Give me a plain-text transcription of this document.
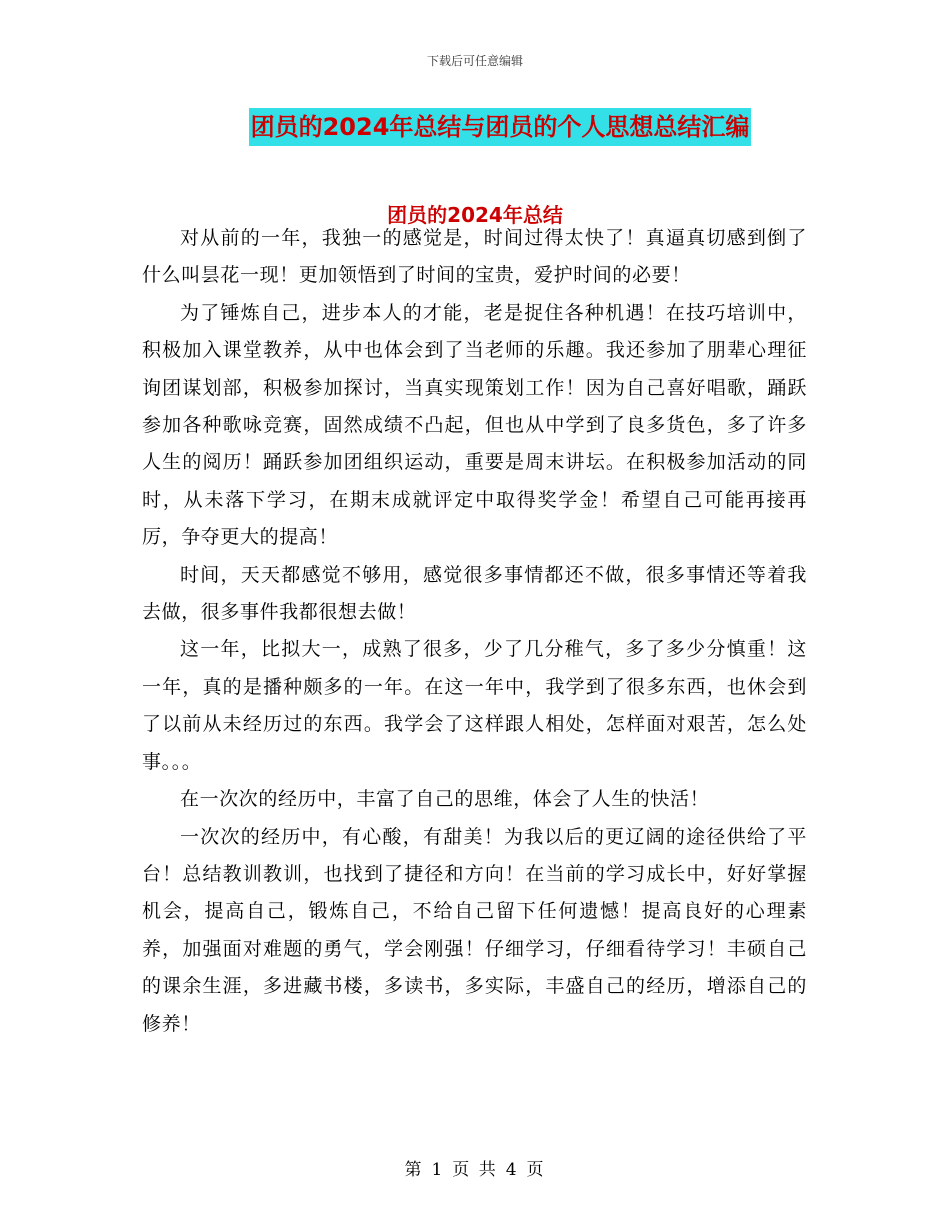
下载后可任意编辑
团员的2024年总结与团员的个人思想总结汇编
团员的2024年总结

对从前的一年，我独一的感觉是，时间过得太快了！真逼真切感到倒了什么叫昙花一现！更加领悟到了时间的宝贵，爱护时间的必要！

为了锤炼自己，进步本人的才能，老是捉住各种机遇！在技巧培训中，积极加入课堂教养，从中也体会到了当老师的乐趣。我还参加了朋辈心理征询团谋划部，积极参加探讨，当真实现策划工作！因为自己喜好唱歌，踊跃参加各种歌咏竞赛，固然成绩不凸起，但也从中学到了良多货色，多了许多人生的阅历！踊跃参加团组织运动，重要是周末讲坛。在积极参加活动的同时，从未落下学习，在期末成就评定中取得奖学金！希望自己可能再接再厉，争夺更大的提高！

时间，天天都感觉不够用，感觉很多事情都还不做，很多事情还等着我去做，很多事件我都很想去做！

这一年，比拟大一，成熟了很多，少了几分稚气，多了多少分慎重！这一年，真的是播种颇多的一年。在这一年中，我学到了很多东西，也休会到了以前从未经历过的东西。我学会了这样跟人相处，怎样面对艰苦，怎么处事。。。

在一次次的经历中，丰富了自己的思维，体会了人生的快活！

一次次的经历中，有心酸，有甜美！为我以后的更辽阔的途径供给了平台！总结教训教训，也找到了捷径和方向！在当前的学习成长中，好好掌握机会，提高自己，锻炼自己，不给自己留下任何遗憾！提高良好的心理素养，加强面对难题的勇气，学会刚强！仔细学习，仔细看待学习！丰硕自己的课余生涯，多进藏书楼，多读书，多实际，丰盛自己的经历，增添自己的修养！

第 1 页 共 4 页
